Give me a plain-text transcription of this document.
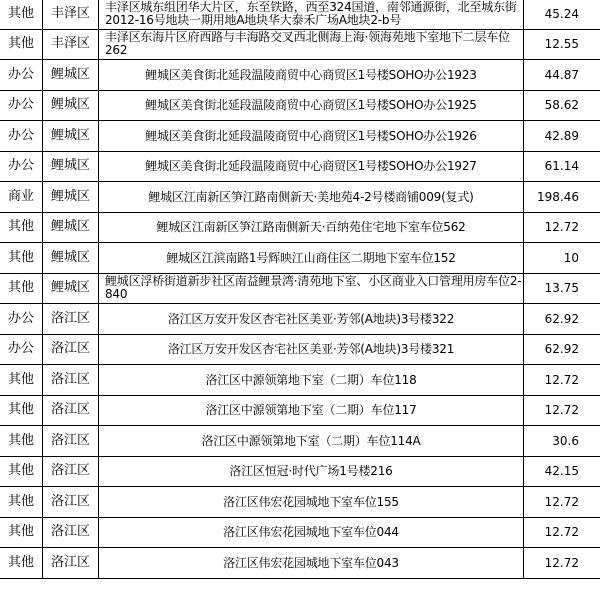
其他	丰泽区	丰泽区城东组团华大片区，东至铁路，西至324国道，南邻通源街，北至城东街2012-16号地块一期用地A地块华大泰禾广场A地块2-b号	45.24
其他	丰泽区	丰泽区东海片区府西路与丰海路交叉西北侧海上海·领海苑地下室地下二层车位262	12.55
办公	鲤城区	鲤城区美食街北延段温陵商贸中心商贸区1号楼SOHO办公1923	44.87
办公	鲤城区	鲤城区美食街北延段温陵商贸中心商贸区1号楼SOHO办公1925	58.62
办公	鲤城区	鲤城区美食街北延段温陵商贸中心商贸区1号楼SOHO办公1926	42.89
办公	鲤城区	鲤城区美食街北延段温陵商贸中心商贸区1号楼SOHO办公1927	61.14
商业	鲤城区	鲤城区江南新区笋江路南侧新天·美地苑4-2号楼商铺009(复式)	198.46
其他	鲤城区	鲤城区江南新区笋江路南侧新天·百纳苑住宅地下室车位562	12.72
其他	鲤城区	鲤城区江滨南路1号辉映江山商住区二期地下室车位152	10
其他	鲤城区	鲤城区浮桥街道新步社区南益鲤景湾·清苑地下室、小区商业入口管理用房车位2-840	13.75
办公	洛江区	洛江区万安开发区杏宅社区美亚·芳邻(A地块)3号楼322	62.92
办公	洛江区	洛江区万安开发区杏宅社区美亚·芳邻(A地块)3号楼321	62.92
其他	洛江区	洛江区中源领第地下室（二期）车位118	12.72
其他	洛江区	洛江区中源领第地下室（二期）车位117	12.72
其他	洛江区	洛江区中源领第地下室（二期）车位114A	30.6
其他	洛江区	洛江区恒冠·时代广场1号楼216	42.15
其他	洛江区	洛江区伟宏花园城地下室车位155	12.72
其他	洛江区	洛江区伟宏花园城地下室车位044	12.72
其他	洛江区	洛江区伟宏花园城地下室车位043	12.72
